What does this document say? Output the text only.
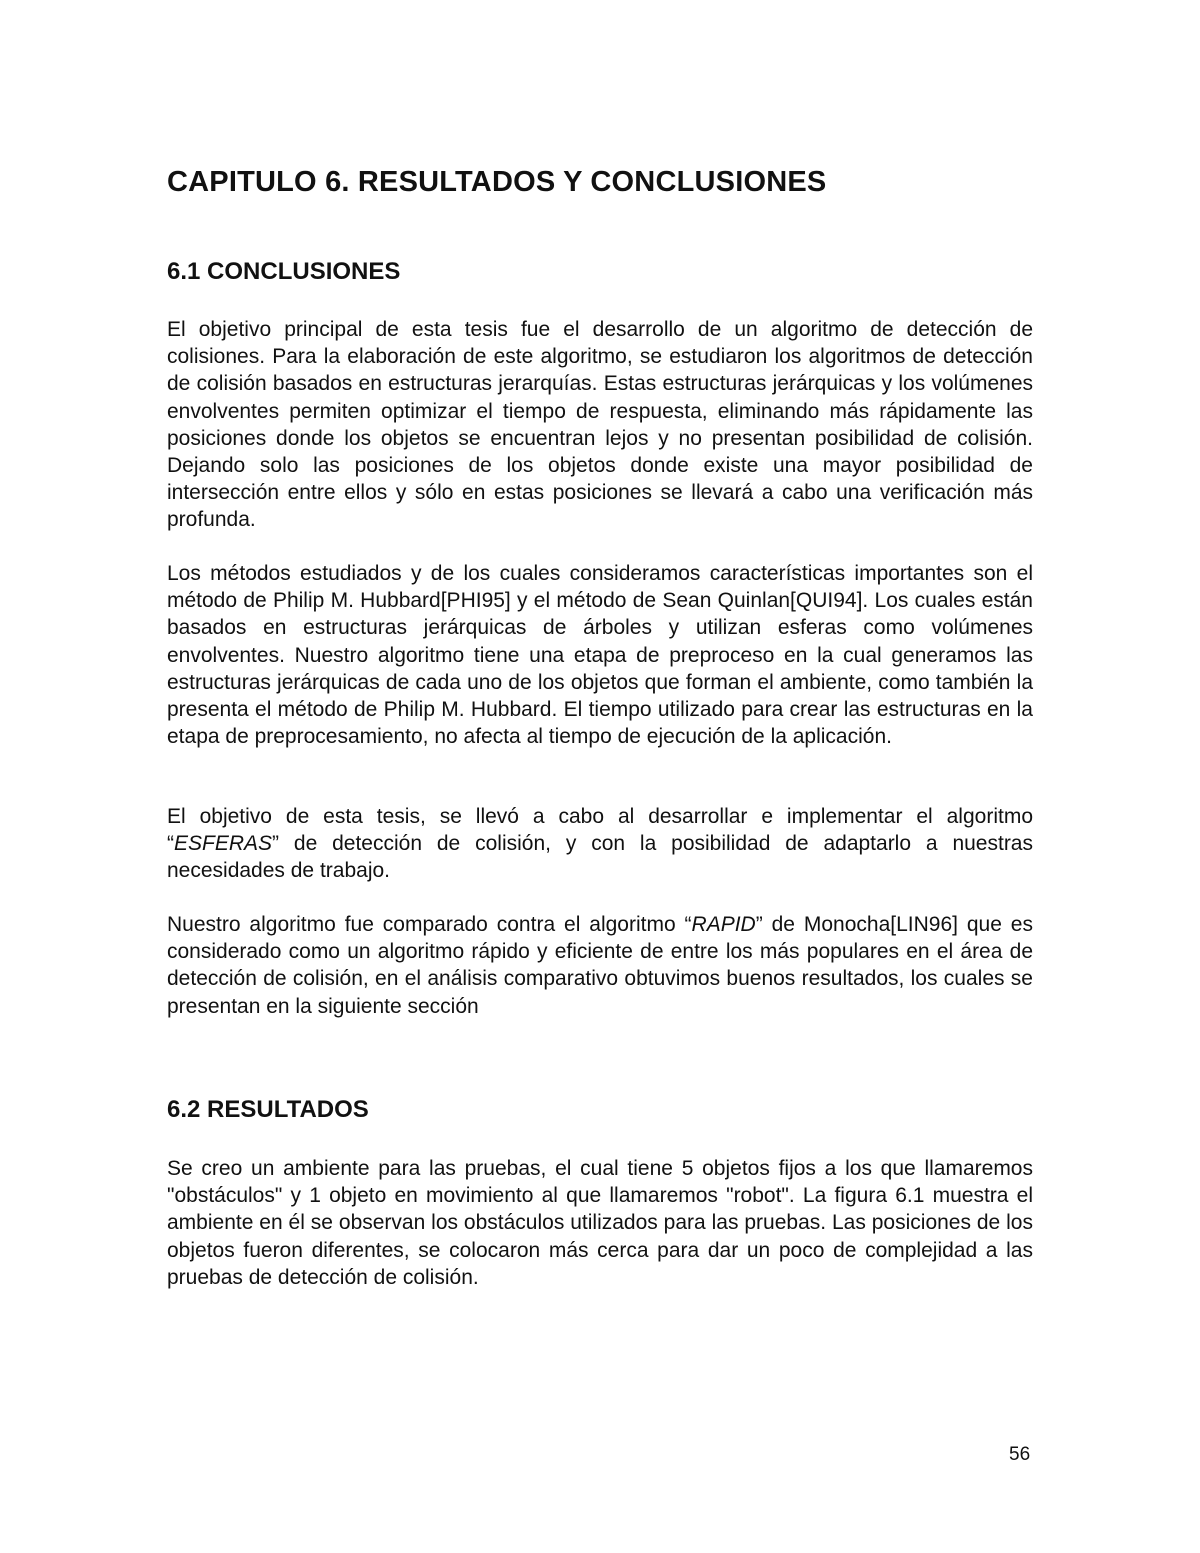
CAPITULO 6. RESULTADOS Y CONCLUSIONES
6.1 CONCLUSIONES

El objetivo principal de esta tesis fue el desarrollo de un algoritmo de detección de colisiones. Para la elaboración de este algoritmo, se estudiaron los algoritmos de detección de colisión basados en estructuras jerarquías. Estas estructuras jerárquicas y los volúmenes envolventes permiten optimizar el tiempo de respuesta, eliminando más rápidamente las posiciones donde los objetos se encuentran lejos y no presentan posibilidad de colisión. Dejando solo las posiciones de los objetos donde existe una mayor posibilidad de intersección entre ellos y sólo en estas posiciones se llevará a cabo una verificación más profunda.

Los métodos estudiados y de los cuales consideramos características importantes son el método de Philip M. Hubbard[PHI95] y el método de Sean Quinlan[QUI94]. Los cuales están basados en estructuras jerárquicas de árboles y utilizan esferas como volúmenes envolventes. Nuestro algoritmo tiene una etapa de preproceso en la cual generamos las estructuras jerárquicas de cada uno de los objetos que forman el ambiente, como también la presenta el método de Philip M. Hubbard. El tiempo utilizado para crear las estructuras en la etapa de preprocesamiento, no afecta al tiempo de ejecución de la aplicación.

El objetivo de esta tesis, se llevó a cabo al desarrollar e implementar el algoritmo “ESFERAS” de detección de colisión, y con la posibilidad de adaptarlo a nuestras necesidades de trabajo.

Nuestro algoritmo fue comparado contra el algoritmo “RAPID” de Monocha[LIN96] que es considerado como un algoritmo rápido y eficiente de entre los más populares en el área de detección de colisión, en el análisis comparativo obtuvimos buenos resultados, los cuales se presentan en la siguiente sección

6.2 RESULTADOS

Se creo un ambiente para las pruebas, el cual tiene 5 objetos fijos a los que llamaremos "obstáculos" y 1 objeto en movimiento al que llamaremos "robot". La figura 6.1 muestra el ambiente en él se observan los obstáculos utilizados para las pruebas. Las posiciones de los objetos fueron diferentes, se colocaron más cerca para dar un poco de complejidad a las pruebas de detección de colisión.

56
